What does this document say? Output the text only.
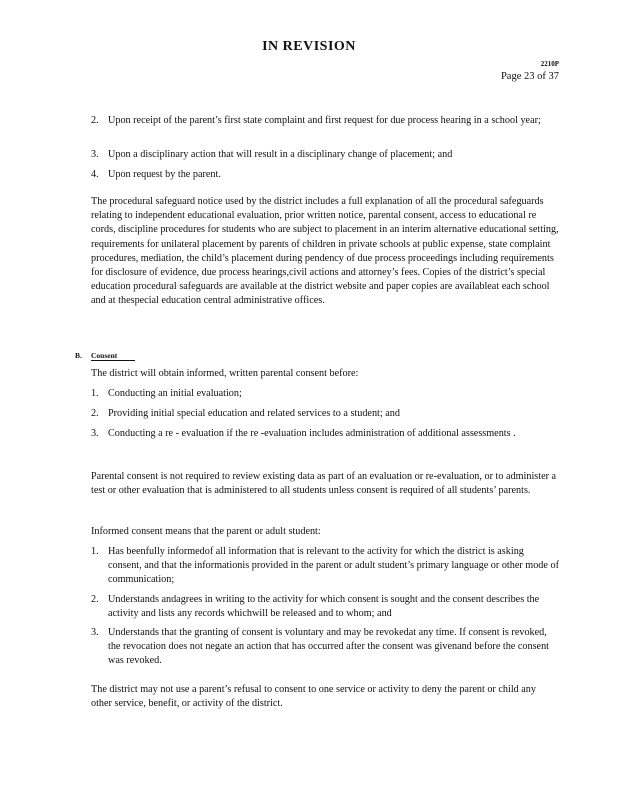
IN REVISION
2210P
Page 23 of 37
2. Upon receipt of the parent’s first state complaint and first request for due process hearing in a school year;
3. Upon a disciplinary action that will result in a disciplinary change of placement; and
4. Upon request by the parent.
The procedural safeguard notice used by the district includes a full explanation of all the procedural safeguards relating to independent educational evaluation, prior written notice, parental consent, access to educational re cords, discipline procedures for students who are subject to placement in an interim alternative educational setting, requirements for unilateral placement by parents of children in private schools at public expense, state complaint procedures, mediation, the child’s placement during pendency of due process proceedings including requirements for disclosure of evidence, due process hearings,civil actions and attorney’s fees. Copies of the district’s special education procedural safeguards are available at the district website and paper copies are availableat each school and at thespecial education central administrative offices.
B. Consent
The district will obtain informed, written parental consent before:
1. Conducting an initial evaluation;
2. Providing initial special education and related services to a student; and
3. Conducting a re - evaluation if the re -evaluation includes administration of additional assessments .
Parental consent is not required to review existing data as part of an evaluation or re-evaluation, or to administer a test or other evaluation that is administered to all students unless consent is required of all students’ parents.
Informed consent means that the parent or adult student:
1. Has beenfully informedof all information that is relevant to the activity for which the district is asking consent, and that the informationis provided in the parent or adult student’s primary language or other mode of communication;
2. Understands andagrees in writing to the activity for which consent is sought and the consent describes the activity and lists any records whichwill be released and to whom; and
3. Understands that the granting of consent is voluntary and may be revokedat any time. If consent is revoked, the revocation does not negate an action that has occurred after the consent was givenand before the consent was revoked.
The district may not use a parent’s refusal to consent to one service or activity to deny the parent or child any other service, benefit, or activity of the district.
